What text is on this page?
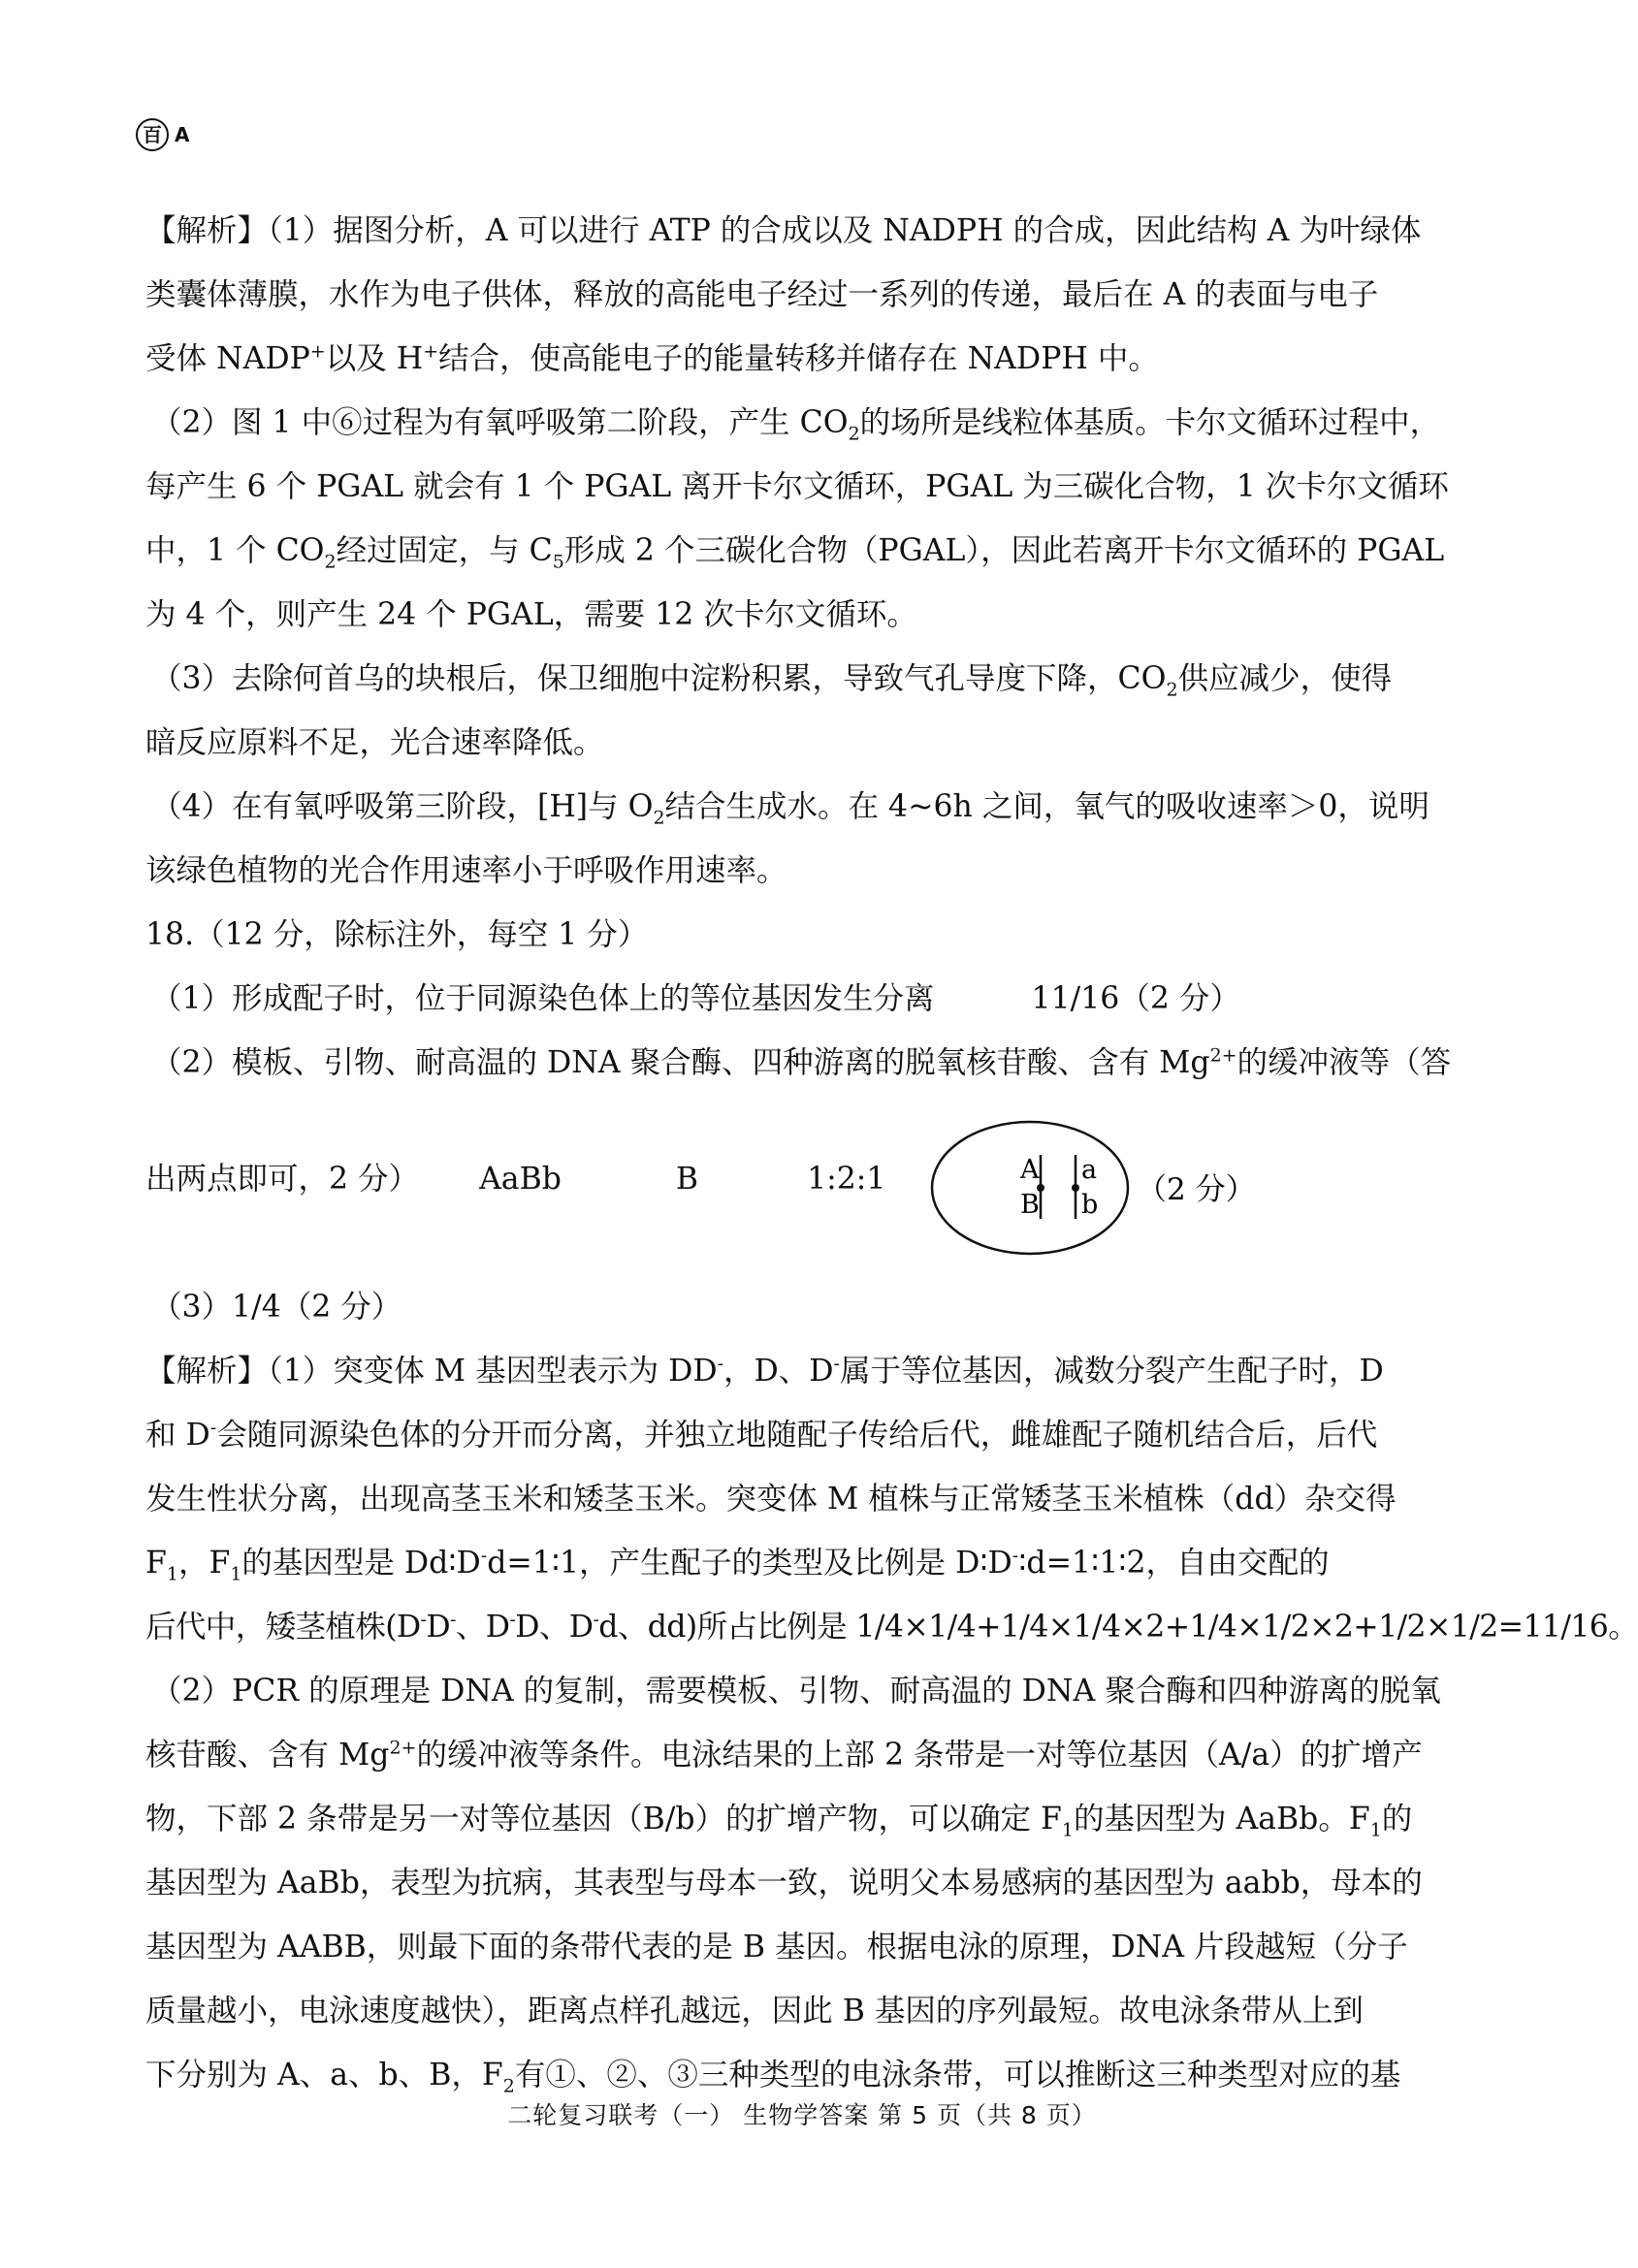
百 A

【解析】（1）据图分析，A 可以进行 ATP 的合成以及 NADPH 的合成，因此结构 A 为叶绿体

类囊体薄膜，水作为电子供体，释放的高能电子经过一系列的传递，最后在 A 的表面与电子

受体 NADP+以及 H+结合，使高能电子的能量转移并储存在 NADPH 中。

（2）图 1 中⑥过程为有氧呼吸第二阶段，产生 $CO_2$的场所是线粒体基质。卡尔文循环过程中，

每产生 6 个 PGAL 就会有 1 个 PGAL 离开卡尔文循环，PGAL 为三碳化合物，1 次卡尔文循环

中，1 个 $CO_2$经过固定，与 $C_5$形成 2 个三碳化合物（PGAL），因此若离开卡尔文循环的 PGAL

为 4 个，则产生 24 个 PGAL，需要 12 次卡尔文循环。

（3）去除何首乌的块根后，保卫细胞中淀粉积累，导致气孔导度下降，$CO_2$供应减少，使得

暗反应原料不足，光合速率降低。

（4）在有氧呼吸第三阶段，[H]与 $O_2$结合生成水。在 4~6h 之间，氧气的吸收速率＞0，说明

该绿色植物的光合作用速率小于呼吸作用速率。

18.（12 分，除标注外，每空 1 分）

（1）形成配子时，位于同源染色体上的等位基因发生分离	11/16（2 分）

（2）模板、引物、耐高温的 DNA 聚合酶、四种游离的脱氧核苷酸、含有 $Mg^{2+}$的缓冲液等（答

出两点即可，2 分） AaBb	B	1:2:1	A a
B b （2 分）

（3）1/4（2 分）

【解析】（1）突变体 M 基因型表示为 DD-，D、D-属于等位基因，减数分裂产生配子时，D

和 D-会随同源染色体的分开而分离，并独立地随配子传给后代，雌雄配子随机结合后，后代

发生性状分离，出现高茎玉米和矮茎玉米。突变体 M 植株与正常矮茎玉米植株（dd）杂交得

$F_1$，$F_1$的基因型是 Dd∶D-d=1∶1，产生配子的类型及比例是 D∶D-∶d=1∶1∶2，自由交配的

后代中，矮茎植株(D-D-、D-D、D-d、dd)所占比例是 1/4×1/4+1/4×1/4×2+1/4×1/2×2+1/2×1/2=11/16。

（2）PCR 的原理是 DNA 的复制，需要模板、引物、耐高温的 DNA 聚合酶和四种游离的脱氧

核苷酸、含有 $Mg^{2+}$的缓冲液等条件。电泳结果的上部 2 条带是一对等位基因（A/a）的扩增产

物，下部 2 条带是另一对等位基因（B/b）的扩增产物，可以确定 $F_1$的基因型为 AaBb。$F_1$的

基因型为 AaBb，表型为抗病，其表型与母本一致，说明父本易感病的基因型为 aabb，母本的

基因型为 AABB，则最下面的条带代表的是 B 基因。根据电泳的原理，DNA 片段越短（分子

质量越小，电泳速度越快），距离点样孔越远，因此 B 基因的序列最短。故电泳条带从上到

下分别为 A、a、b、B，$F_2$有①、②、③三种类型的电泳条带，可以推断这三种类型对应的基

二轮复习联考（一） 生物学答案 第 5 页（共 8 页）
